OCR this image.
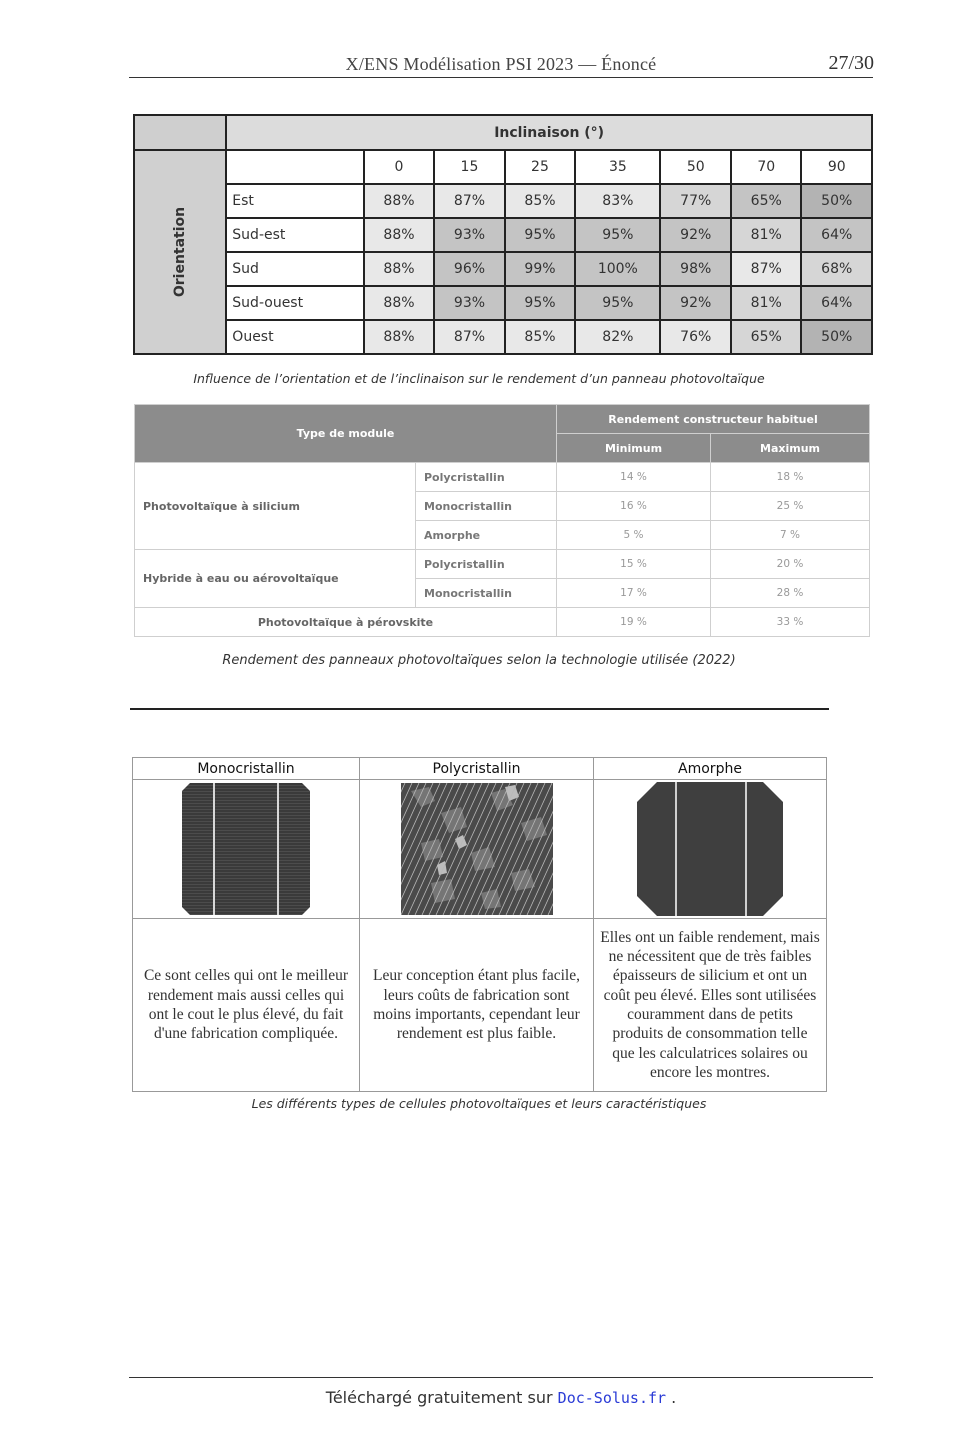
X/ENS Modélisation PSI 2023 — Énoncé	27/30
	Inclinaison (°)							
Orientation		0	15	25	35	50	70	90
	Est	88%	87%	85%	83%	77%	65%	50%
	Sud-est	88%	93%	95%	95%	92%	81%	64%
	Sud	88%	96%	99%	100%	98%	87%	68%
	Sud-ouest	88%	93%	95%	95%	92%	81%	64%
	Ouest	88%	87%	85%	82%	76%	65%	50%
Influence de l’orientation et de l’inclinaison sur le rendement d’un panneau photovoltaïque
Type de module		Rendement constructeur habituel	
		Minimum	Maximum
Photovoltaïque à silicium	Polycristallin	14 %	18 %
	Monocristallin	16 %	25 %
	Amorphe	5 %	7 %
Hybride à eau ou aérovoltaïque	Polycristallin	15 %	20 %
	Monocristallin	17 %	28 %
Photovoltaïque à pérovskite		19 %	33 %
Rendement des panneaux photovoltaïques selon la technologie utilisée (2022)
Monocristallin	Polycristallin	Amorphe

Ce sont celles qui ont le meilleur rendement mais aussi celles qui ont le cout le plus élevé, du fait d'une fabrication compliquée.	Leur conception étant plus facile, leurs coûts de fabrication sont moins importants, cependant leur rendement est plus faible.	Elles ont un faible rendement, mais ne nécessitent que de très faibles épaisseurs de silicium et ont un coût peu élevé. Elles sont utilisées couramment dans de petits produits de consommation telle que les calculatrices solaires ou encore les montres.
Les différents types de cellules photovoltaïques et leurs caractéristiques
Téléchargé gratuitement sur Doc-Solus.fr .
